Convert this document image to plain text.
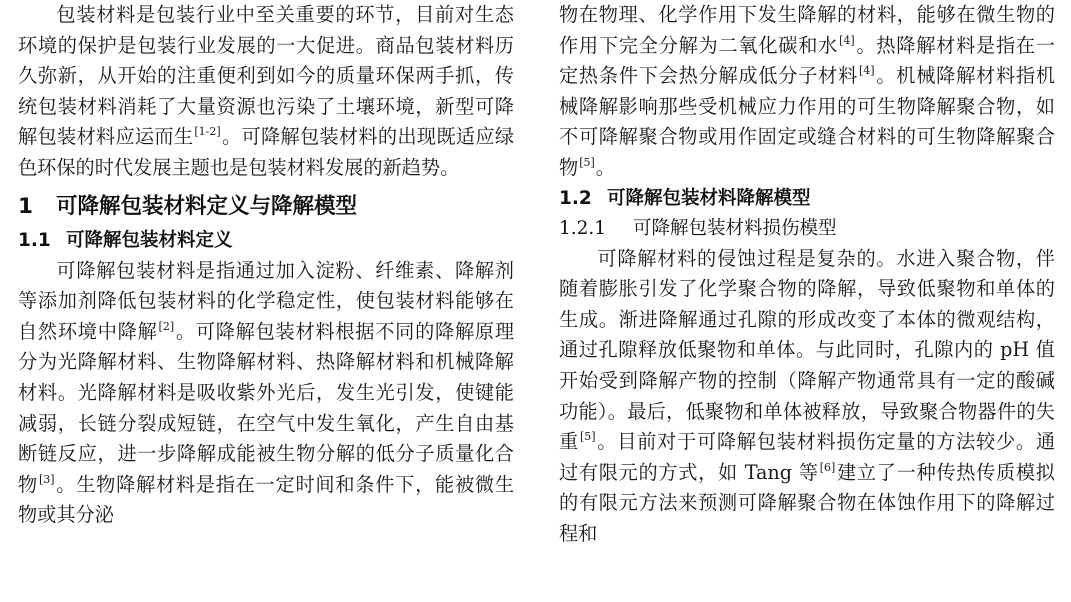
包装材料是包装行业中至关重要的环节，目前对生态环境的保护是包装行业发展的一大促进。商品包装材料历久弥新，从开始的注重便利到如今的质量环保两手抓，传统包装材料消耗了大量资源也污染了土壤环境，新型可降解包装材料应运而生[1-2]。可降解包装材料的出现既适应绿色环保的时代发展主题也是包装材料发展的新趋势。

1 可降解包装材料定义与降解模型
1.1 可降解包装材料定义

可降解包装材料是指通过加入淀粉、纤维素、降解剂等添加剂降低包装材料的化学稳定性，使包装材料能够在自然环境中降解[2]。可降解包装材料根据不同的降解原理分为光降解材料、生物降解材料、热降解材料和机械降解材料。光降解材料是吸收紫外光后，发生光引发，使键能减弱，长链分裂成短链，在空气中发生氧化，产生自由基断链反应，进一步降解成能被生物分解的低分子质量化合物[3]。生物降解材料是指在一定时间和条件下，能被微生物或其分泌

物在物理、化学作用下发生降解的材料，能够在微生物的作用下完全分解为二氧化碳和水[4]。热降解材料是指在一定热条件下会热分解成低分子材料[4]。机械降解材料指机械降解影响那些受机械应力作用的可生物降解聚合物，如不可降解聚合物或用作固定或缝合材料的可生物降解聚合物[5]。

1.2 可降解包装材料降解模型
1.2.1 可降解包装材料损伤模型

可降解材料的侵蚀过程是复杂的。水进入聚合物，伴随着膨胀引发了化学聚合物的降解，导致低聚物和单体的生成。渐进降解通过孔隙的形成改变了本体的微观结构，通过孔隙释放低聚物和单体。与此同时，孔隙内的 pH 值开始受到降解产物的控制（降解产物通常具有一定的酸碱功能）。最后，低聚物和单体被释放，导致聚合物器件的失重[5]。目前对于可降解包装材料损伤定量的方法较少。通过有限元的方式，如 Tang 等[6]建立了一种传热传质模拟的有限元方法来预测可降解聚合物在体蚀作用下的降解过程和
